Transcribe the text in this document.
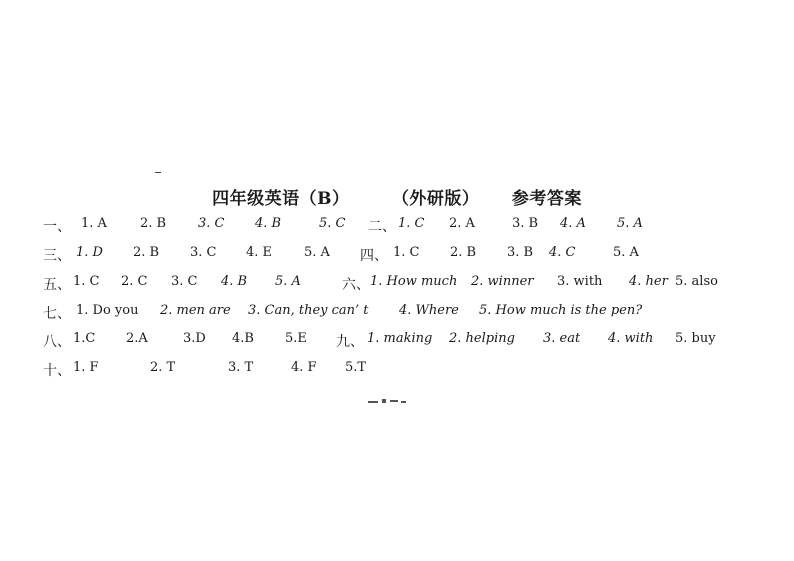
四年级英语（B） （外研版） 参考答案
一、 1. A	2. B 3. C 4. B	5. C 二、 1. C 2. A	3. B 4. A 5. A
三、 1. D 2. B 3. C 4. E 5. A 四、 1. C 2. B 3. B 4. C	5. A
五、 1. C 2. C 3. C 4. B 5. A	六、 1. How much 2. winner 3. with 4. her 5. also
七、 1. Do you 2. men are 3. Can, they can’ t 4. Where 5. How much is the pen?
八、 1.C 2.A	3.D 4.B 5.E 九、 1. making 2. helping 3. eat 4. with 5. buy
十、 1. F	2. T	3. T	4. F 5.T
